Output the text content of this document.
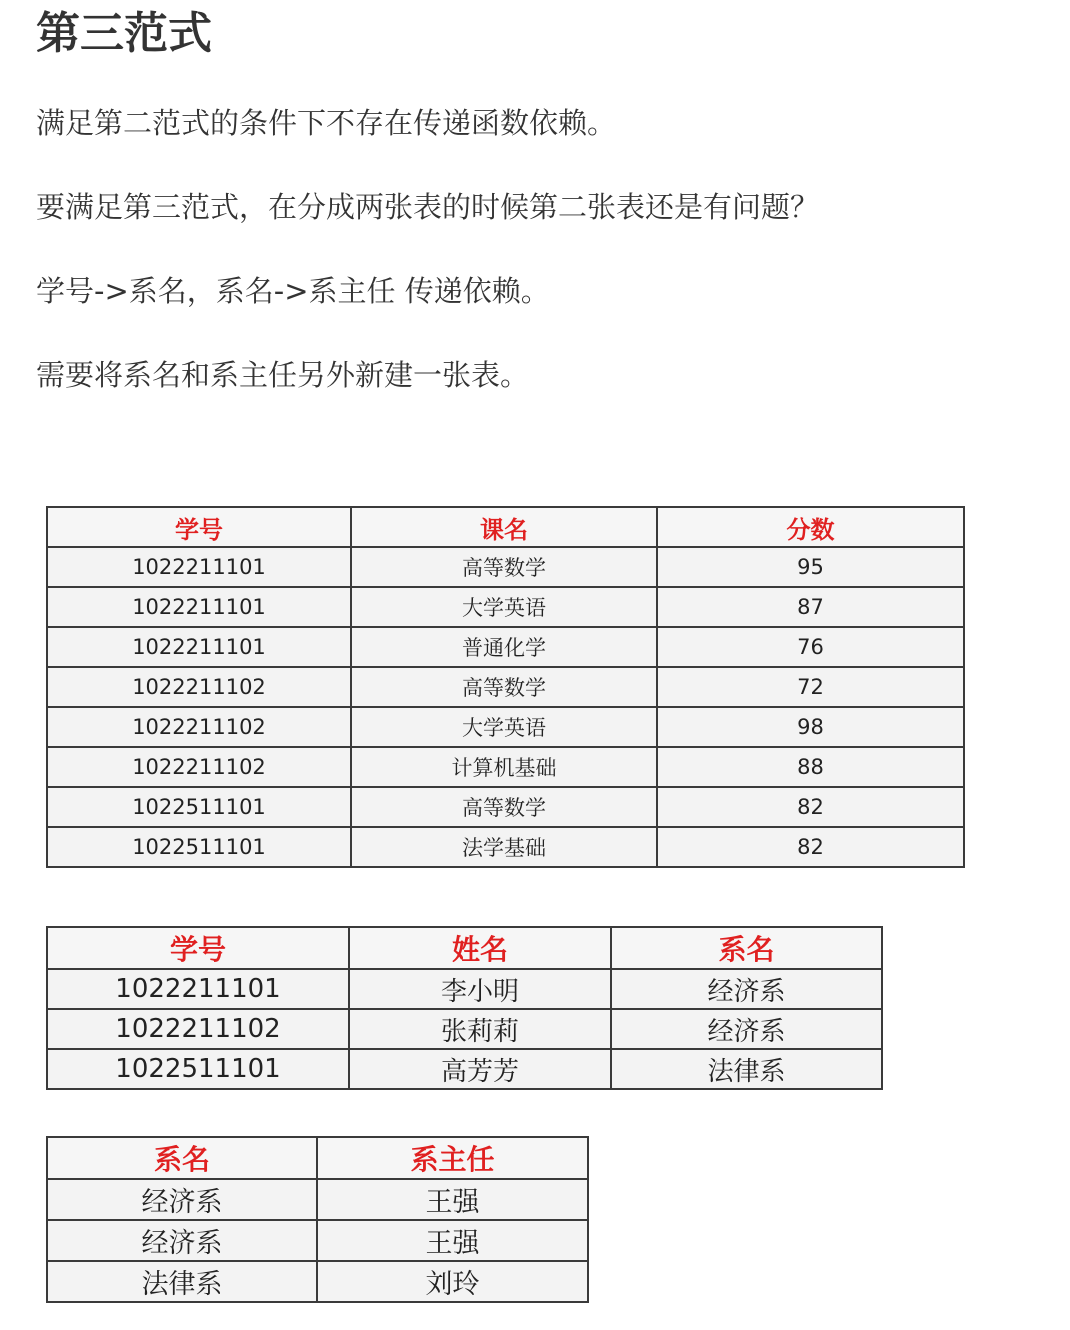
第三范式

满足第二范式的条件下不存在传递函数依赖。

要满足第三范式，在分成两张表的时候第二张表还是有问题？

学号->系名，系名->系主任 传递依赖。

需要将系名和系主任另外新建一张表。

学号	课名	分数
1022211101	高等数学	95
1022211101	大学英语	87
1022211101	普通化学	76
1022211102	高等数学	72
1022211102	大学英语	98
1022211102	计算机基础	88
1022511101	高等数学	82
1022511101	法学基础	82
学号	姓名	系名
1022211101	李小明	经济系
1022211102	张莉莉	经济系
1022511101	高芳芳	法律系
系名	系主任
经济系	王强
经济系	王强
法律系	刘玲
